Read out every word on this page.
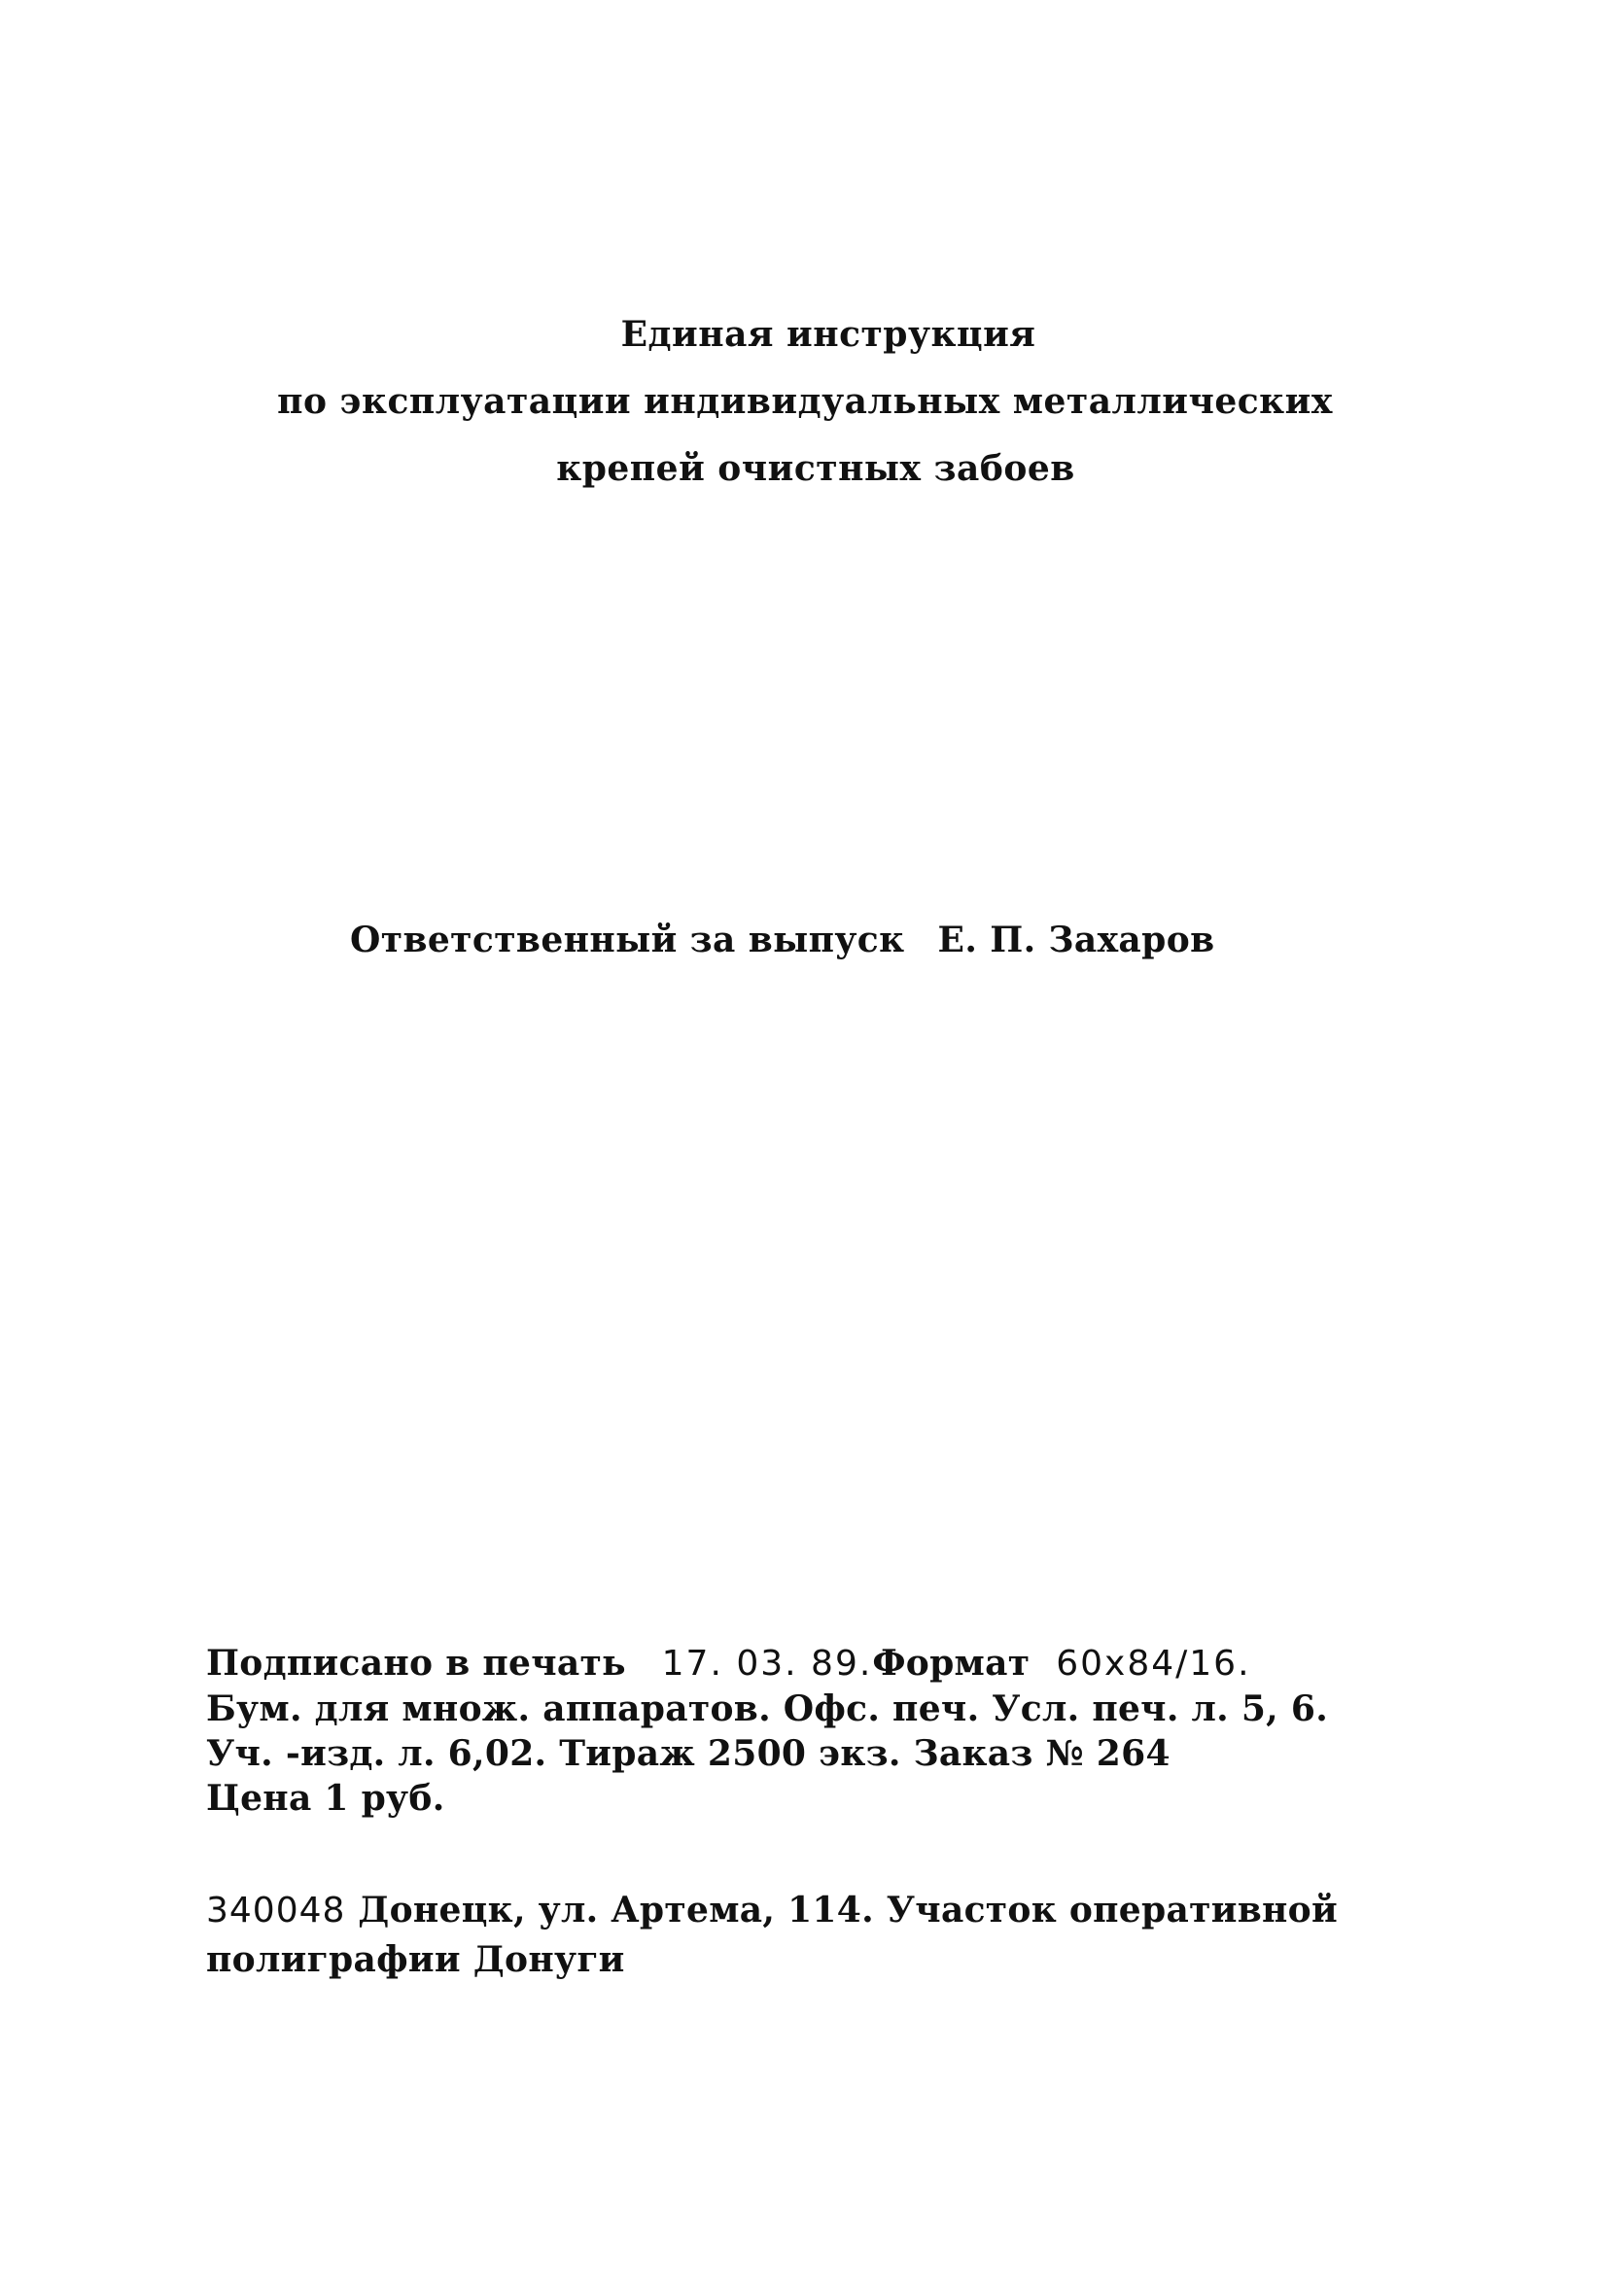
Единая инструкция
по эксплуатации индивидуальных металлических
крепей очистных забоев
Ответственный за выпуск Е. П. Захаров
Подписано в печать 17. 03. 89.Формат 60x84/16.
Бум. для множ. аппаратов. Офс. печ. Усл. печ. л. 5, 6.
Уч. -изд. л. 6,02. Тираж 2500 экз. Заказ № 264
Цена 1 руб.
340048 Донецк, ул. Артема, 114. Участок оперативной
полиграфии Донуги
